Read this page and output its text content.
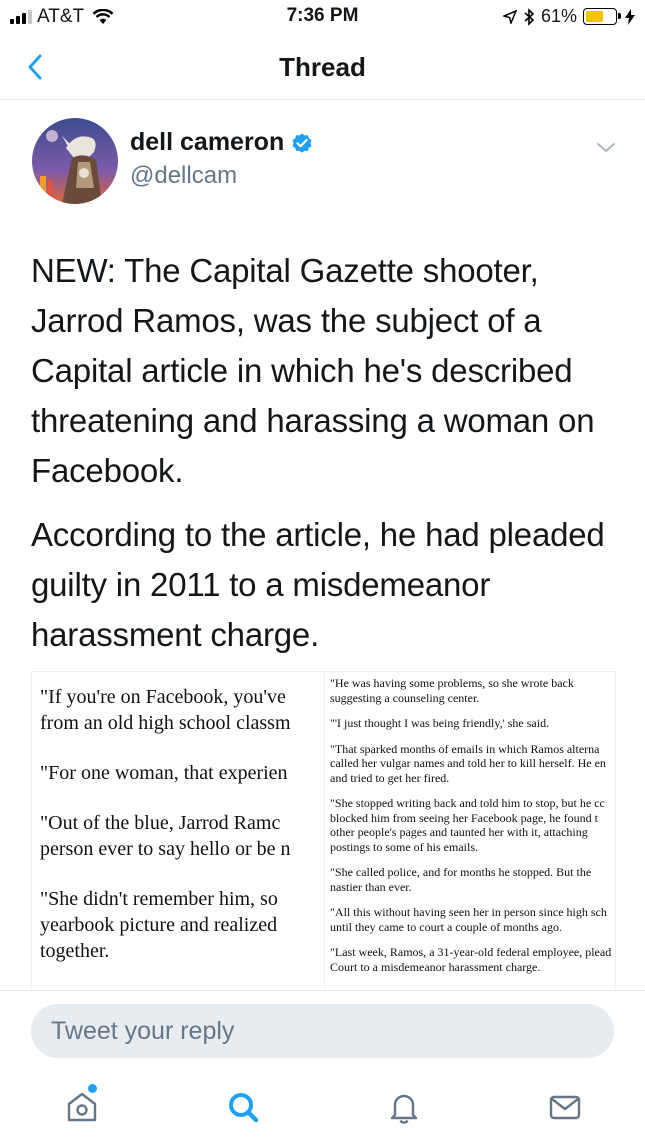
AT&T	7:36 PM	61%
Thread
dell cameron
@dellcam

NEW: The Capital Gazette shooter, Jarrod Ramos, was the subject of a Capital article in which he's described threatening and harassing a woman on Facebook.

According to the article, he had pleaded guilty in 2011 to a misdemeanor harassment charge.

"If you're on Facebook, you've
from an old high school classm
"For one woman, that experien
"Out of the blue, Jarrod Ramc
person ever to say hello or be n
"She didn't remember him, so
yearbook picture and realized
together.
"He was having some problems, so she wrote back
suggesting a counseling center.
"'I just thought I was being friendly,' she said.
"That sparked months of emails in which Ramos alterna
called her vulgar names and told her to kill herself. He en
and tried to get her fired.
"She stopped writing back and told him to stop, but he cc
blocked him from seeing her Facebook page, he found t
other people's pages and taunted her with it, attaching
postings to some of his emails.
"She called police, and for months he stopped. But the
nastier than ever.
"All this without having seen her in person since high sch
until they came to court a couple of months ago.
"Last week, Ramos, a 31-year-old federal employee, plead
Court to a misdemeanor harassment charge.
Tweet your reply
